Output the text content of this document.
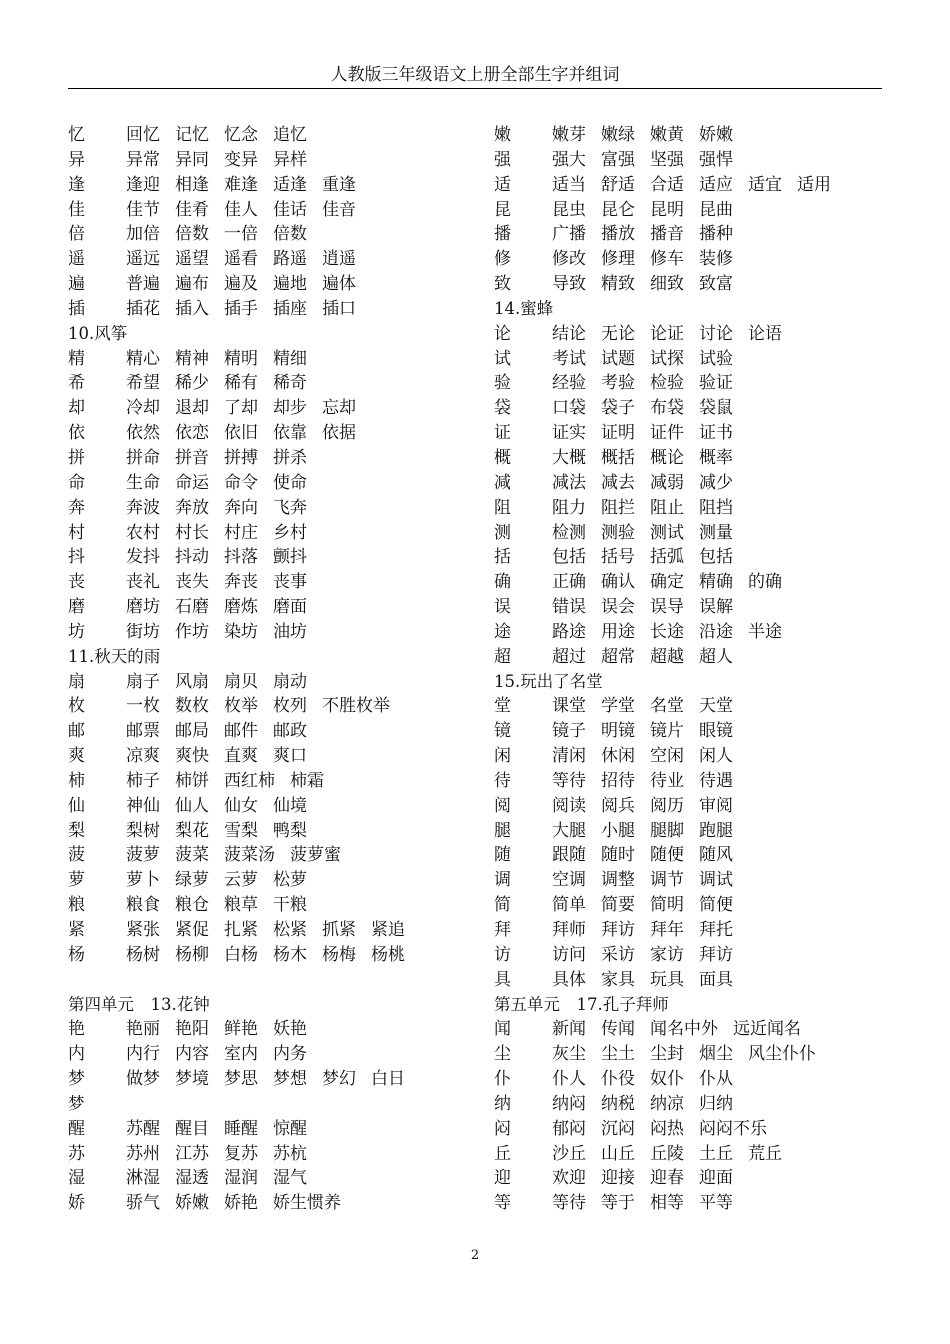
人教版三年级语文上册全部生字并组词
忆 回忆 记忆 忆念 追忆
异 异常 异同 变异 异样
逢 逢迎 相逢 难逢 适逢 重逢
佳 佳节 佳肴 佳人 佳话 佳音
倍 加倍 倍数 一倍 倍数
遥 遥远 遥望 遥看 路遥 逍遥
遍 普遍 遍布 遍及 遍地 遍体
插 插花 插入 插手 插座 插口
10.风筝
精 精心 精神 精明 精细
希 希望 稀少 稀有 稀奇
却 冷却 退却 了却 却步 忘却
依 依然 依恋 依旧 依靠 依据
拼 拼命 拼音 拼搏 拼杀
命 生命 命运 命令 使命
奔 奔波 奔放 奔向 飞奔
村 农村 村长 村庄 乡村
抖 发抖 抖动 抖落 颤抖
丧 丧礼 丧失 奔丧 丧事
磨 磨坊 石磨 磨炼 磨面
坊 街坊 作坊 染坊 油坊
11.秋天的雨
扇 扇子 风扇 扇贝 扇动
枚 一枚 数枚 枚举 枚列 不胜枚举
邮 邮票 邮局 邮件 邮政
爽 凉爽 爽快 直爽 爽口
柿 柿子 柿饼 西红柿 柿霜
仙 神仙 仙人 仙女 仙境
梨 梨树 梨花 雪梨 鸭梨
菠 菠萝 菠菜 菠菜汤 菠萝蜜
萝 萝卜 绿萝 云萝 松萝
粮 粮食 粮仓 粮草 干粮
紧 紧张 紧促 扎紧 松紧 抓紧 紧追
杨 杨树 杨柳 白杨 杨木 杨梅 杨桃
第四单元　13.花钟
艳 艳丽 艳阳 鲜艳 妖艳
内 内行 内容 室内 内务
梦 做梦 梦境 梦思 梦想 梦幻 白日
梦
醒 苏醒 醒目 睡醒 惊醒
苏 苏州 江苏 复苏 苏杭
湿 淋湿 湿透 湿润 湿气
娇 骄气 娇嫩 娇艳 娇生惯养
嫩 嫩芽 嫩绿 嫩黄 娇嫩
强 强大 富强 坚强 强悍
适 适当 舒适 合适 适应 适宜 适用
昆 昆虫 昆仑 昆明 昆曲
播 广播 播放 播音 播种
修 修改 修理 修车 装修
致 导致 精致 细致 致富
14.蜜蜂
论 结论 无论 论证 讨论 论语
试 考试 试题 试探 试验
验 经验 考验 检验 验证
袋 口袋 袋子 布袋 袋鼠
证 证实 证明 证件 证书
概 大概 概括 概论 概率
减 减法 减去 减弱 减少
阻 阻力 阻拦 阻止 阻挡
测 检测 测验 测试 测量
括 包括 括号 括弧 包括
确 正确 确认 确定 精确 的确
误 错误 误会 误导 误解
途 路途 用途 长途 沿途 半途
超 超过 超常 超越 超人
15.玩出了名堂
堂 课堂 学堂 名堂 天堂
镜 镜子 明镜 镜片 眼镜
闲 清闲 休闲 空闲 闲人
待 等待 招待 待业 待遇
阅 阅读 阅兵 阅历 审阅
腿 大腿 小腿 腿脚 跑腿
随 跟随 随时 随便 随风
调 空调 调整 调节 调试
简 简单 简要 简明 简便
拜 拜师 拜访 拜年 拜托
访 访问 采访 家访 拜访
具 具体 家具 玩具 面具
第五单元　17.孔子拜师
闻 新闻 传闻 闻名中外 远近闻名
尘 灰尘 尘土 尘封 烟尘 风尘仆仆
仆 仆人 仆役 奴仆 仆从
纳 纳闷 纳税 纳凉 归纳
闷 郁闷 沉闷 闷热 闷闷不乐
丘 沙丘 山丘 丘陵 土丘 荒丘
迎 欢迎 迎接 迎春 迎面
等 等待 等于 相等 平等
2
